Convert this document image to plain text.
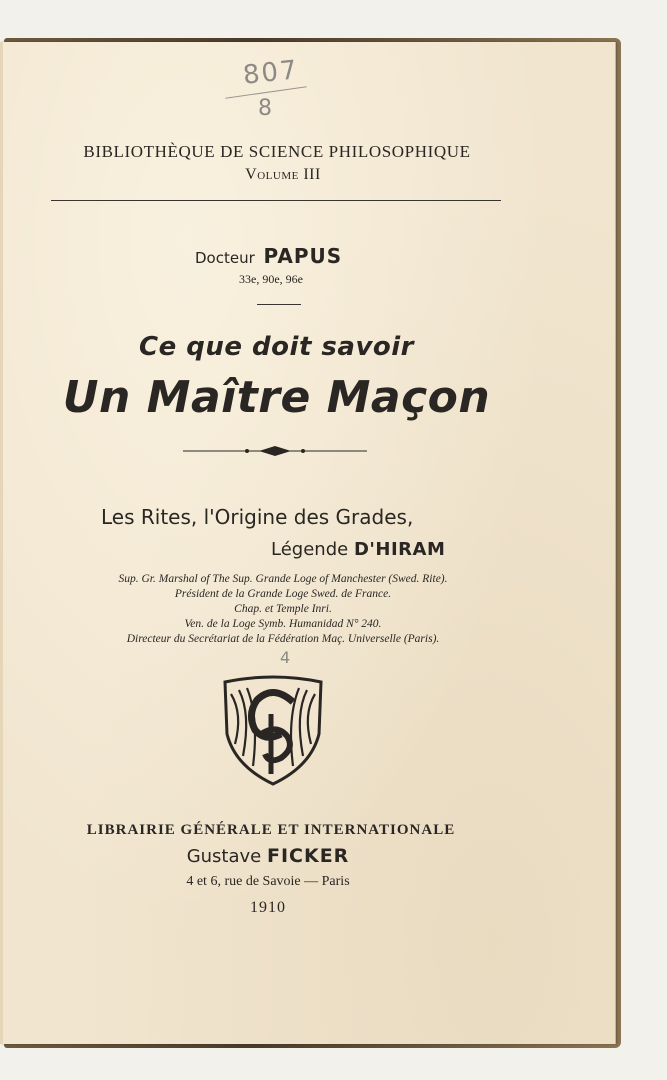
807
8
BIBLIOTHÈQUE DE SCIENCE PHILOSOPHIQUE
Volume III
Docteur PAPUS
33e, 90e, 96e
Ce que doit savoir
Un Maître Maçon
Les Rites, l'Origine des Grades,
Légende D'HIRAM
Sup. Gr. Marshal of The Sup. Grande Loge of Manchester (Swed. Rite).
Président de la Grande Loge Swed. de France.
Chap. et Temple Inri.
Ven. de la Loge Symb. Humanidad N° 240.
Directeur du Secrétariat de la Fédération Maç. Universelle (Paris).
4
LIBRAIRIE GÉNÉRALE ET INTERNATIONALE
Gustave FICKER
4 et 6, rue de Savoie — Paris
1910
